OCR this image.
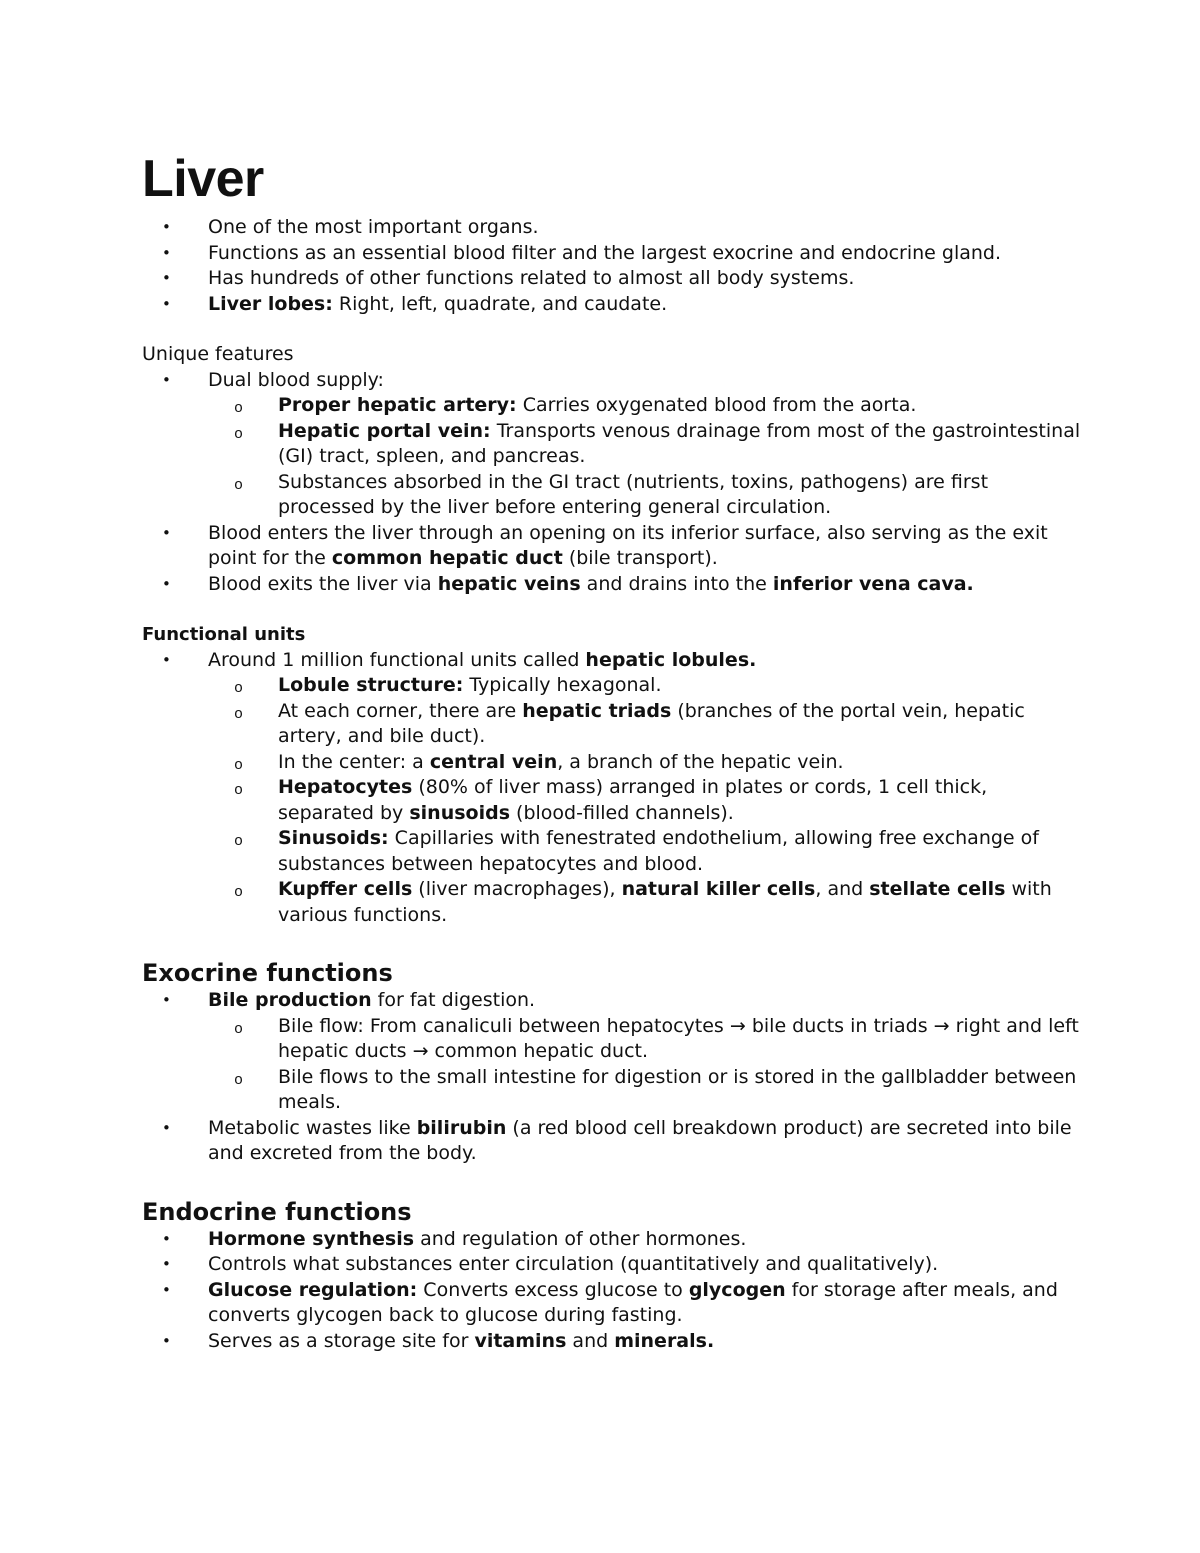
Liver
• One of the most important organs.
• Functions as an essential blood filter and the largest exocrine and endocrine gland.
• Has hundreds of other functions related to almost all body systems.
• Liver lobes: Right, left, quadrate, and caudate.
Unique features
• Dual blood supply:
o Proper hepatic artery: Carries oxygenated blood from the aorta.
o Hepatic portal vein: Transports venous drainage from most of the gastrointestinal (GI) tract, spleen, and pancreas.
o Substances absorbed in the GI tract (nutrients, toxins, pathogens) are first processed by the liver before entering general circulation.
• Blood enters the liver through an opening on its inferior surface, also serving as the exit point for the common hepatic duct (bile transport).
• Blood exits the liver via hepatic veins and drains into the inferior vena cava.
Functional units
• Around 1 million functional units called hepatic lobules.
o Lobule structure: Typically hexagonal.
o At each corner, there are hepatic triads (branches of the portal vein, hepatic artery, and bile duct).
o In the center: a central vein, a branch of the hepatic vein.
o Hepatocytes (80% of liver mass) arranged in plates or cords, 1 cell thick, separated by sinusoids (blood-filled channels).
o Sinusoids: Capillaries with fenestrated endothelium, allowing free exchange of substances between hepatocytes and blood.
o Kupffer cells (liver macrophages), natural killer cells, and stellate cells with various functions.
Exocrine functions
• Bile production for fat digestion.
o Bile flow: From canaliculi between hepatocytes → bile ducts in triads → right and left hepatic ducts → common hepatic duct.
o Bile flows to the small intestine for digestion or is stored in the gallbladder between meals.
• Metabolic wastes like bilirubin (a red blood cell breakdown product) are secreted into bile and excreted from the body.
Endocrine functions
• Hormone synthesis and regulation of other hormones.
• Controls what substances enter circulation (quantitatively and qualitatively).
• Glucose regulation: Converts excess glucose to glycogen for storage after meals, and converts glycogen back to glucose during fasting.
• Serves as a storage site for vitamins and minerals.
